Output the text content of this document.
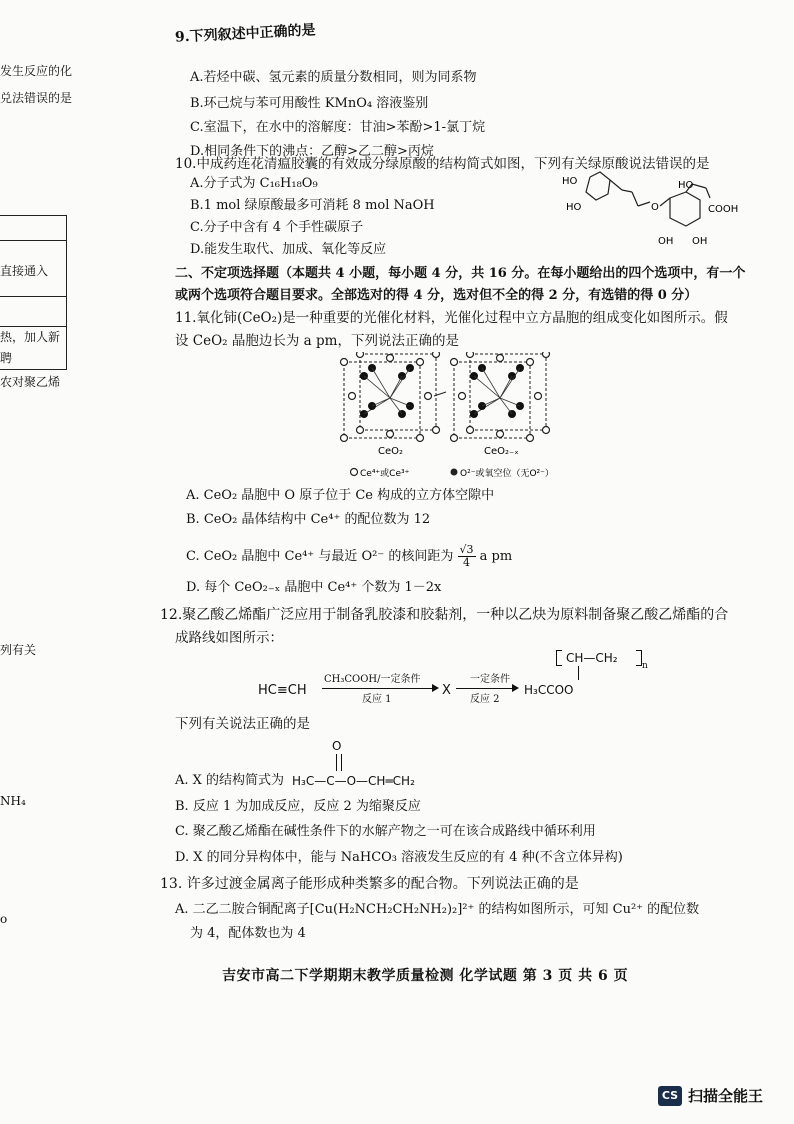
发生反应的化
兑法错误的是
直接通入
热，加人新
聘
农对聚乙烯
列有关
NH₄
o
9.下列叙述中正确的是
A.若烃中碳、氢元素的质量分数相同，则为同系物
B.环己烷与苯可用酸性 KMnO₄ 溶液鉴别
C.室温下，在水中的溶解度：甘油>苯酚>1-氯丁烷
D.相同条件下的沸点：乙醇>乙二醇>丙烷
10.中成药连花清瘟胶囊的有效成分绿原酸的结构简式如图，下列有关绿原酸说法错误的是
A.分子式为 C₁₆H₁₈O₉
B.1 mol 绿原酸最多可消耗 8 mol NaOH
C.分子中含有 4 个手性碳原子
D.能发生取代、加成、氧化等反应
HO
HO
HO
COOH
O
OH OH
二、不定项选择题（本题共 4 小题，每小题 4 分，共 16 分。在每小题给出的四个选项中，有一个
或两个选项符合题目要求。全部选对的得 4 分，选对但不全的得 2 分，有选错的得 0 分）
11.氧化铈(CeO₂)是一种重要的光催化材料，光催化过程中立方晶胞的组成变化如图所示。假
设 CeO₂ 晶胞边长为 a pm，下列说法正确的是
CeO₂	CeO₂₋ₓ
Ce⁴⁺或Ce³⁺	O²⁻或氧空位（无O²⁻）
A. CeO₂ 晶胞中 O 原子位于 Ce 构成的立方体空隙中
B. CeO₂ 晶体结构中 Ce⁴⁺ 的配位数为 12
C. CeO₂ 晶胞中 Ce⁴⁺ 与最近 O²⁻ 的核间距为 $\frac{√3}{4}$ a pm
D. 每个 CeO₂₋ₓ 晶胞中 Ce⁴⁺ 个数为 1－2x
12.聚乙酸乙烯酯广泛应用于制备乳胶漆和胶黏剂，一种以乙炔为原料制备聚乙酸乙烯酯的合
成路线如图所示：
HC≡CH
CH₃COOH/一定条件
反应 1
X
一定条件
反应 2
CH—CH₂
n
H₃CCOO
下列有关说法正确的是
A. X 的结构简式为 H₃C—C—O—CH═CH₂
O
B. 反应 1 为加成反应，反应 2 为缩聚反应
C. 聚乙酸乙烯酯在碱性条件下的水解产物之一可在该合成路线中循环利用
D. X 的同分异构体中，能与 NaHCO₃ 溶液发生反应的有 4 种(不含立体异构)
13. 许多过渡金属离子能形成种类繁多的配合物。下列说法正确的是
A. 二乙二胺合铜配离子[Cu(H₂NCH₂CH₂NH₂)₂]²⁺ 的结构如图所示，可知 Cu²⁺ 的配位数
为 4，配体数也为 4
吉安市高二下学期期末教学质量检测 化学试题 第 3 页 共 6 页
CS 扫描全能王
